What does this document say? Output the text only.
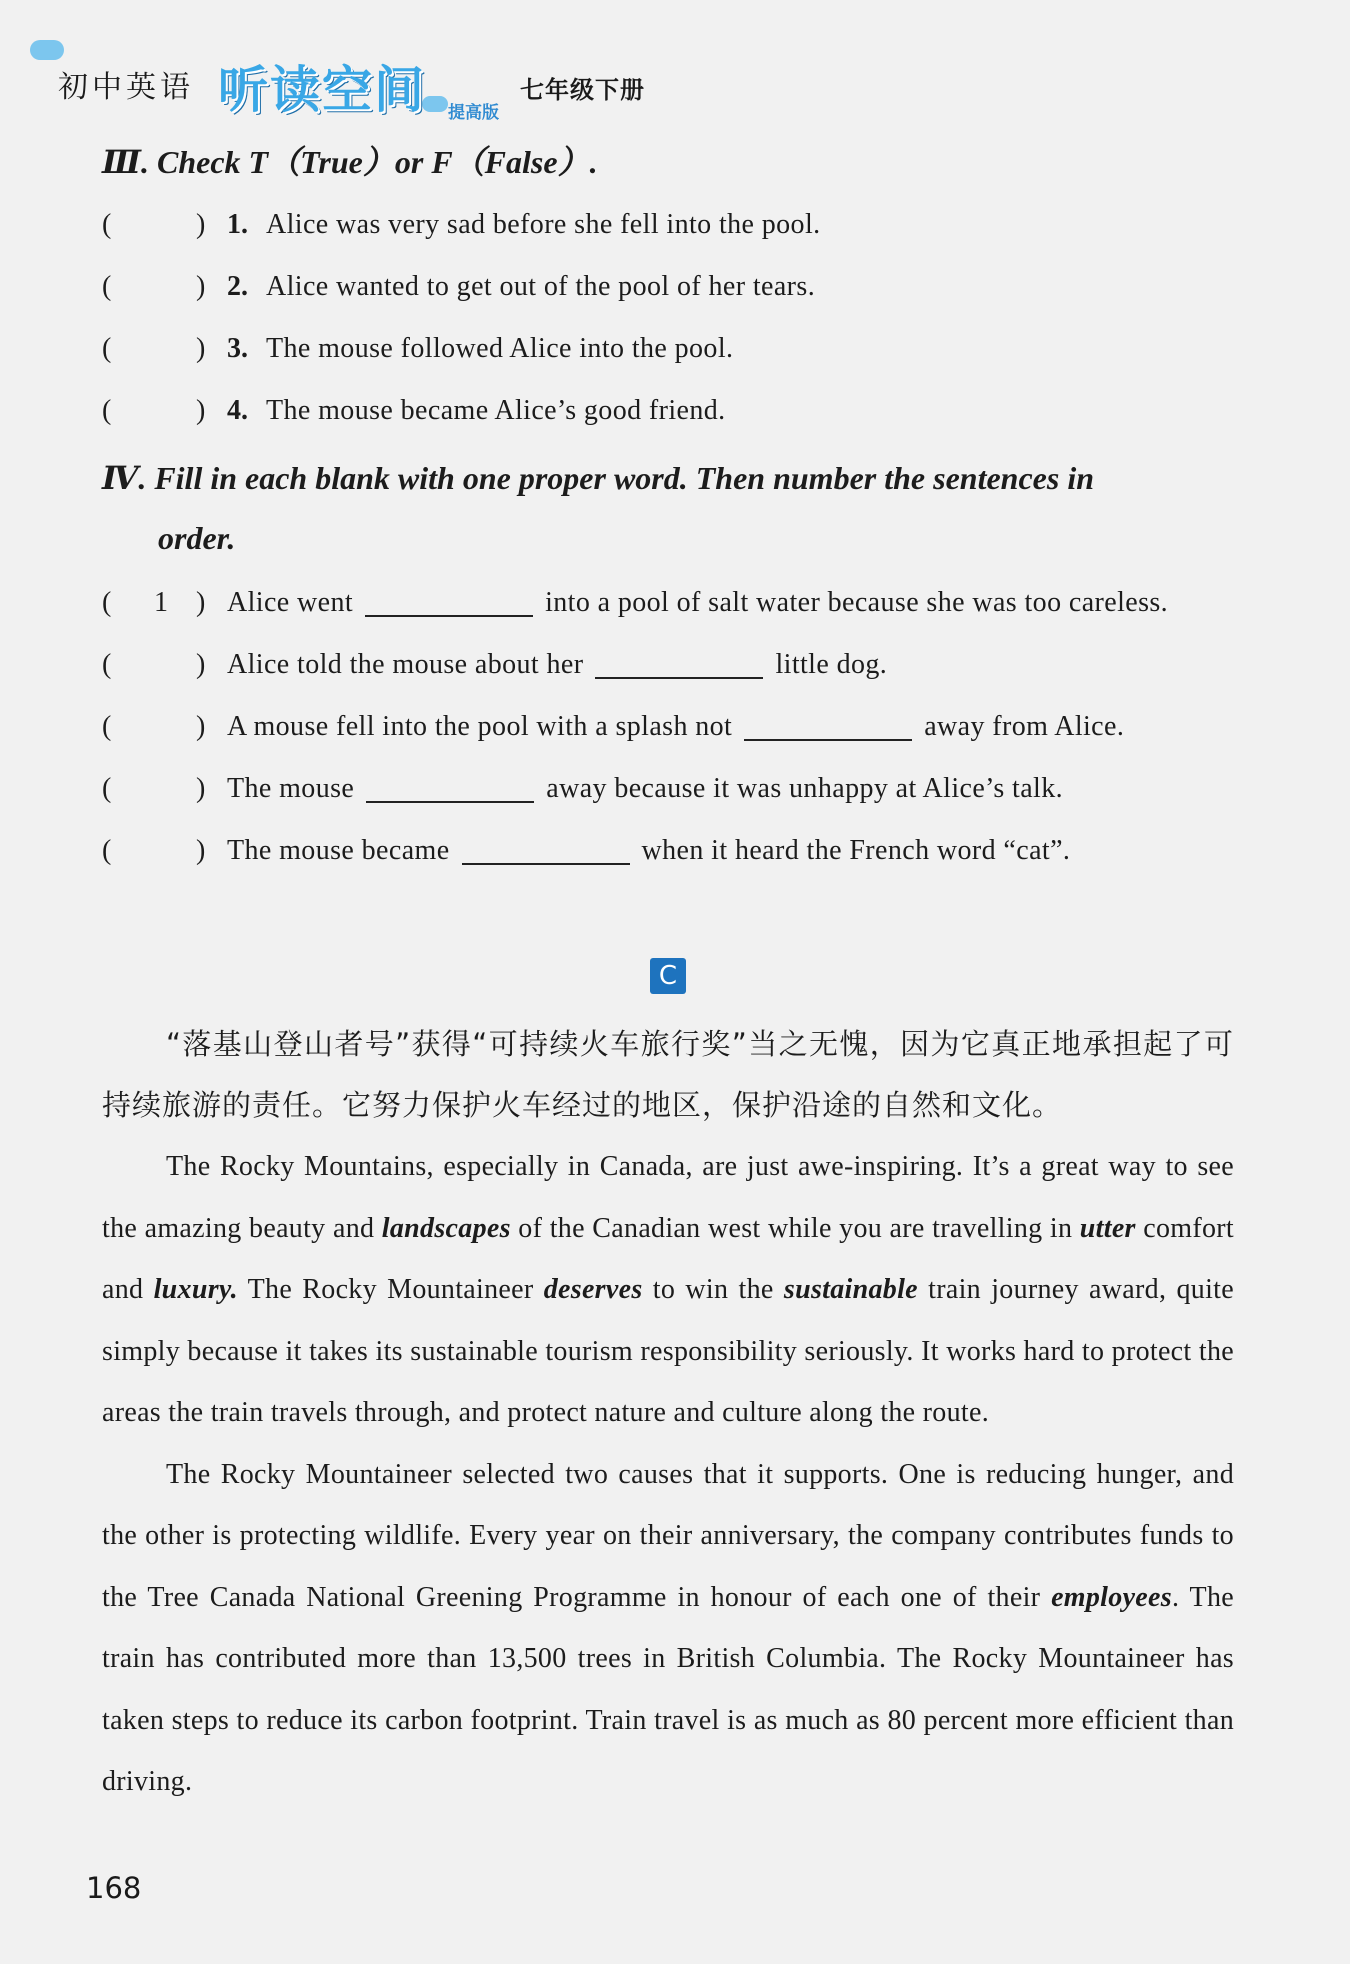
初中英语 听读空间 提高版
七年级下册
Ⅲ. Check T（True）or F（False）.
(	) 1. Alice was very sad before she fell into the pool.
(	) 2. Alice wanted to get out of the pool of her tears.
(	) 3. The mouse followed Alice into the pool.
(	) 4. The mouse became Alice’s good friend.
Ⅳ. Fill in each blank with one proper word. Then number the sentences in
order.
( 1 ) Alice went	into a pool of salt water because she was too careless.
(	) Alice told the mouse about her	little dog.
(	) A mouse fell into the pool with a splash not	away from Alice.
(	) The mouse	away because it was unhappy at Alice’s talk.
(	) The mouse became	when it heard the French word “cat”.
C

“落基山登山者号”获得“可持续火车旅行奖”当之无愧，因为它真正地承担起了可持续旅游的责任。它努力保护火车经过的地区，保护沿途的自然和文化。

The Rocky Mountains, especially in Canada, are just awe-inspiring. It’s a great way to see the amazing beauty and landscapes of the Canadian west while you are travelling in utter comfort and luxury. The Rocky Mountaineer deserves to win the sustainable train journey award, quite simply because it takes its sustainable tourism responsibility seriously. It works hard to protect the areas the train travels through, and protect nature and culture along the route.

The Rocky Mountaineer selected two causes that it supports. One is reducing hunger, and the other is protecting wildlife. Every year on their anniversary, the company contributes funds to the Tree Canada National Greening Programme in honour of each one of their employees. The train has contributed more than 13,500 trees in British Columbia. The Rocky Mountaineer has taken steps to reduce its carbon footprint. Train travel is as much as 80 percent more efficient than driving.

168
